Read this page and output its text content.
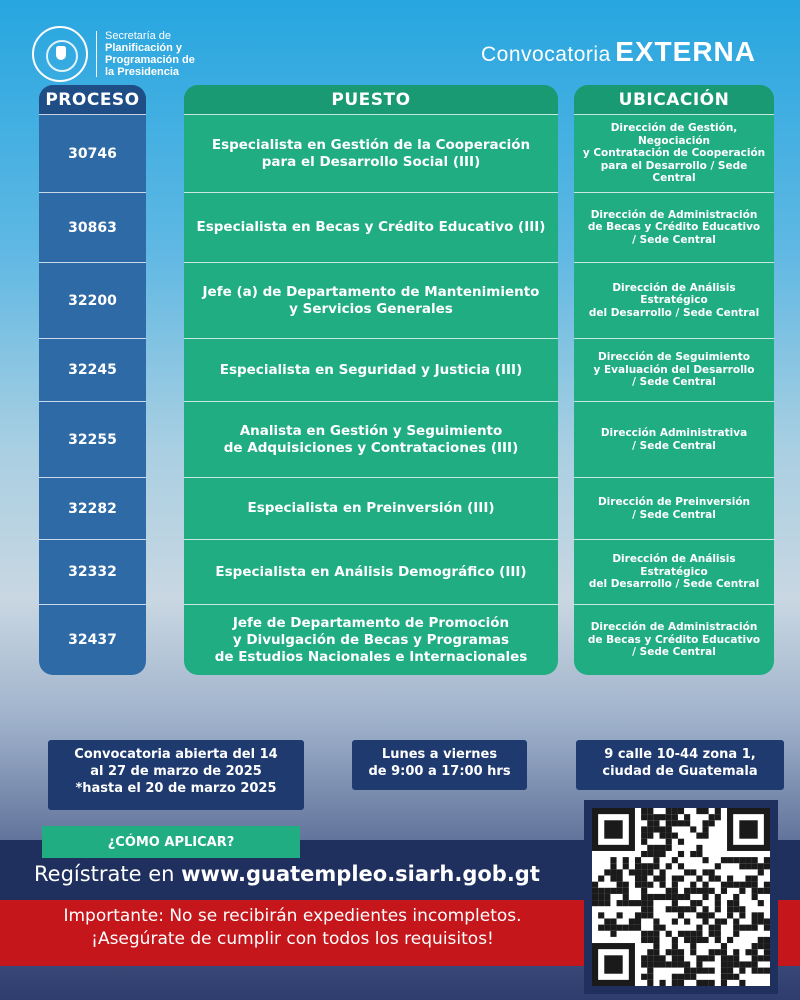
Secretaría de
Planificación y
Programación de
la Presidencia
Convocatoria EXTERNA
PROCESO
30746
30863
32200
32245
32255
32282
32332
32437
PUESTO
Especialista en Gestión de la Cooperación
para el Desarrollo Social (III)
Especialista en Becas y Crédito Educativo (III)
Jefe (a) de Departamento de Mantenimiento
y Servicios Generales
Especialista en Seguridad y Justicia (III)
Analista en Gestión y Seguimiento
de Adquisiciones y Contrataciones (III)
Especialista en Preinversión (III)
Especialista en Análisis Demográfico (III)
Jefe de Departamento de Promoción
y Divulgación de Becas y Programas
de Estudios Nacionales e Internacionales
UBICACIÓN
Dirección de Gestión, Negociación
y Contratación de Cooperación
para el Desarrollo / Sede Central
Dirección de Administración
de Becas y Crédito Educativo
/ Sede Central
Dirección de Análisis Estratégico
del Desarrollo / Sede Central
Dirección de Seguimiento
y Evaluación del Desarrollo
/ Sede Central
Dirección Administrativa
/ Sede Central
Dirección de Preinversión
/ Sede Central
Dirección de Análisis Estratégico
del Desarrollo / Sede Central
Dirección de Administración
de Becas y Crédito Educativo
/ Sede Central
Convocatoria abierta del 14
al 27 de marzo de 2025
*hasta el 20 de marzo 2025
Lunes a viernes
de 9:00 a 17:00 hrs
9 calle 10-44 zona 1,
ciudad de Guatemala
¿CÓMO APLICAR?
Regístrate en www.guatempleo.siarh.gob.gt
Importante: No se recibirán expedientes incompletos.
¡Asegúrate de cumplir con todos los requisitos!
